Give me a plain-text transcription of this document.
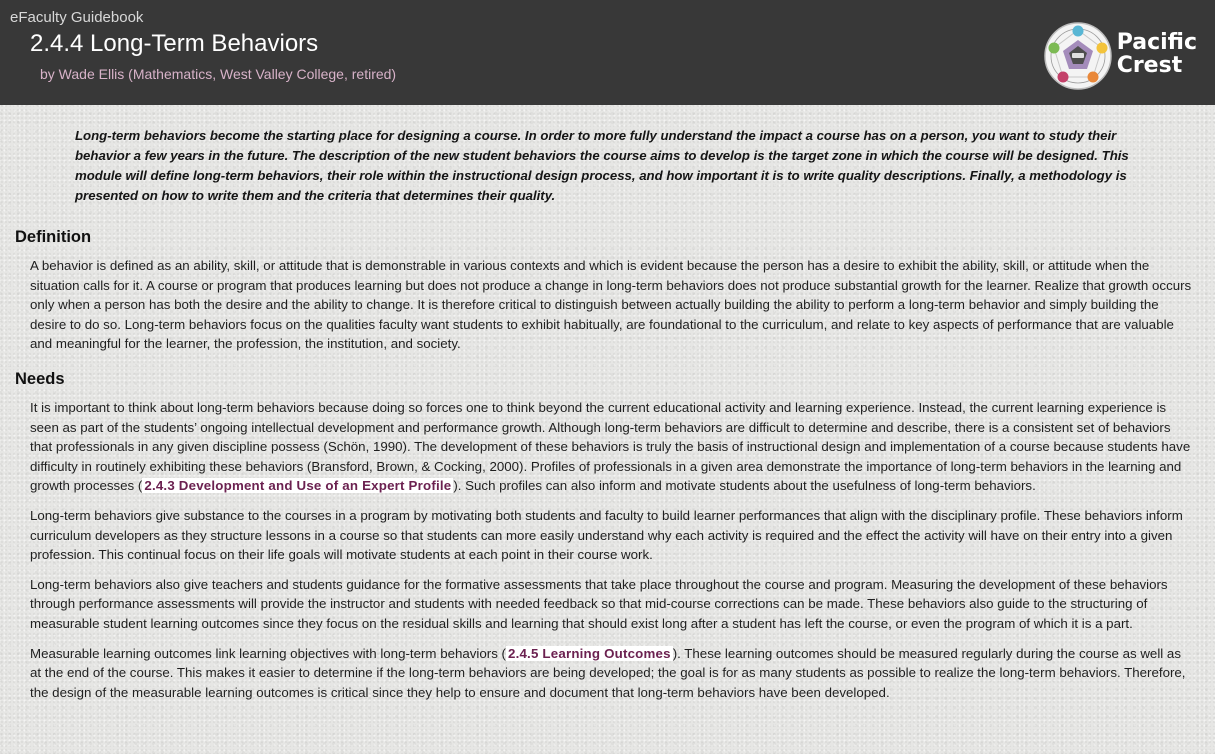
eFaculty Guidebook
2.4.4 Long-Term Behaviors
by Wade Ellis (Mathematics, West Valley College, retired)
Pacific
Crest
Long-term behaviors become the starting place for designing a course. In order to more fully understand the impact a course has on a person, you want to study their behavior a few years in the future. The description of the new student behaviors the course aims to develop is the target zone in which the course will be designed. This module will define long-term behaviors, their role within the instructional design process, and how important it is to write quality descriptions. Finally, a methodology is presented on how to write them and the criteria that determines their quality.
Definition
A behavior is defined as an ability, skill, or attitude that is demonstrable in various contexts and which is evident because the person has a desire to exhibit the ability, skill, or attitude when the situation calls for it. A course or program that produces learning but does not produce a change in long-term behaviors does not produce substantial growth for the learner. Realize that growth occurs only when a person has both the desire and the ability to change. It is therefore critical to distinguish between actually building the ability to perform a long-term behavior and simply building the desire to do so. Long-term behaviors focus on the qualities faculty want students to exhibit habitually, are foundational to the curriculum, and relate to key aspects of performance that are valuable and meaningful for the learner, the profession, the institution, and society.
Needs
It is important to think about long-term behaviors because doing so forces one to think beyond the current educational activity and learning experience. Instead, the current learning experience is seen as part of the students’ ongoing intellectual development and performance growth. Although long-term behaviors are difficult to determine and describe, there is a consistent set of behaviors that professionals in any given discipline possess (Schön, 1990). The development of these behaviors is truly the basis of instructional design and implementation of a course because students have difficulty in routinely exhibiting these behaviors (Bransford, Brown, & Cocking, 2000). Profiles of professionals in a given area demonstrate the importance of long-term behaviors in the learning and growth processes ( 2.4.3 Development and Use of an Expert Profile ). Such profiles can also inform and motivate students about the usefulness of long-term behaviors.
Long-term behaviors give substance to the courses in a program by motivating both students and faculty to build learner performances that align with the disciplinary profile. These behaviors inform curriculum developers as they structure lessons in a course so that students can more easily understand why each activity is required and the effect the activity will have on their entry into a given profession. This continual focus on their life goals will motivate students at each point in their course work.
Long-term behaviors also give teachers and students guidance for the formative assessments that take place throughout the course and program. Measuring the development of these behaviors through performance assessments will provide the instructor and students with needed feedback so that mid-course corrections can be made. These behaviors also guide to the structuring of measurable student learning outcomes since they focus on the residual skills and learning that should exist long after a student has left the course, or even the program of which it is a part.
Measurable learning outcomes link learning objectives with long-term behaviors ( 2.4.5 Learning Outcomes ). These learning outcomes should be measured regularly during the course as well as at the end of the course. This makes it easier to determine if the long-term behaviors are being developed; the goal is for as many students as possible to realize the long-term behaviors. Therefore, the design of the measurable learning outcomes is critical since they help to ensure and document that long-term behaviors have been developed.
